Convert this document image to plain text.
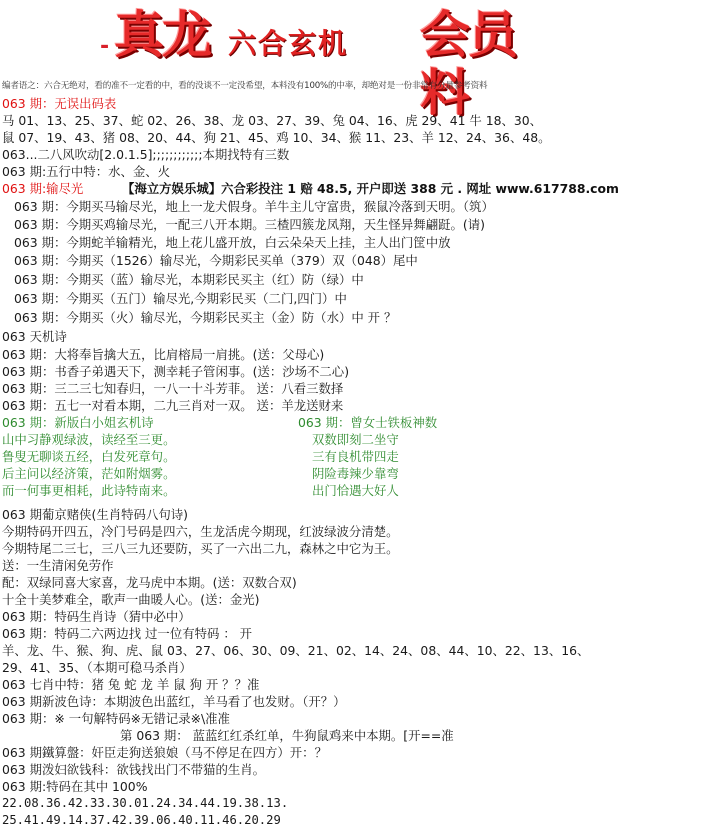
- 真龙 六合玄机 会员料
编者语之：六合无绝对，看的准不一定看的中，看的没谈不一定没希望，本料没有100%的中率，却绝对是一份非常有分量参考资料
063 期：无误出码表
马 01、13、25、37、蛇 02、26、38、龙 03、27、39、兔 04、16、虎 29、41 牛 18、30、
鼠 07、19、43、猪 08、20、44、狗 21、45、鸡 10、34、猴 11、23、羊 12、24、36、48。
063...二八风吹动[2.0.1.5];;;;;;;;;;;;本期找特有三数
063 期:五行中特：水、金、火
063 期:输尽光	【海立方娱乐城】六合彩投注 1 赔 48.5, 开户即送 388 元 . 网址 www.617788.com
063 期：今期买马输尽光，地上一龙犬假身。羊牛主儿守富贵，猴鼠冷落到天明。（筑）
063 期：今期买鸡输尽光，一配三八开本期。三楂四簇龙凤翔，天生怪异舞翩跹。(请)
063 期：今期蛇羊输精光，地上花儿盛开放，白云朵朵天上挂，主人出门筐中放
063 期：今期买（1526）输尽光，今期彩民买单（379）双（048）尾中
063 期：今期买（蓝）输尽光，本期彩民买主（红）防（绿）中
063 期：今期买（五门）输尽光,今期彩民买（二门,四门）中
063 期：今期买（火）输尽光，今期彩民买主（金）防（水）中 开 ？
063 天机诗
063 期：大将奉旨擒大五，比肩榕局一肩挑。(送：父母心)
063 期：书香子弟遇天下，测幸耗子管闲事。(送：沙场不二心)
063 期：三二三七知春归，一八一十斗芳菲。 送：八看三数择
063 期：五七一对看本期，二九三肖对一双。 送：羊龙送财来
063 期：新版白小姐玄机诗	063 期：曾女士铁板神数
山中习静观绿波，读经至三更。	双数即刻二坐守
鲁叟无聊谈五经，白发死章句。	三有良机带四走
后主问以经济策，茫如附烟雾。	阴险毒辣少靠弯
而一何事更相耗，此诗特南来。	出门恰遇大好人
063 期葡京赌侠(生肖特码八句诗)
今期特码开四五，冷门号码是四六，生龙活虎今期现，红波绿波分清楚。
今期特尾二三七，三八三九还要防，买了一六出二九，森林之中它为王。
送：一生清闲免劳作
配：双绿同喜大家喜，龙马虎中本期。(送：双数合双)
十全十美梦难全，歌声一曲暖人心。(送：金光)
063 期：特码生肖诗（猜中必中）
063 期：特码二六两边找 过一位有特码 ： 开
羊、龙、牛、猴、狗、虎、鼠 03、27、06、30、09、21、02、14、24、08、44、10、22、13、16、
29、41、35、（本期可稳马杀肖）
063 七肖中特：猪 兔 蛇 龙 羊 鼠 狗 开 ？？准
063 期新波色诗：本期波色出蓝红，羊马看了也发财。（开？）
063 期：※ 一句解特码※无错记录※\准准
第 063 期： 蓝蓝红红杀红单，牛狗鼠鸡来中本期。[开==准
063 期鐵算盤：奸臣走狗送狼娘（马不停足在四方）开：？
063 期泼妇欲钱科：欲钱找出门不带猫的生肖。
063 期:特码在其中 100%
22.08.36.42.33.30.01.24.34.44.19.38.13.
25.41.49.14.37.42.39.06.40.11.46.20.29
